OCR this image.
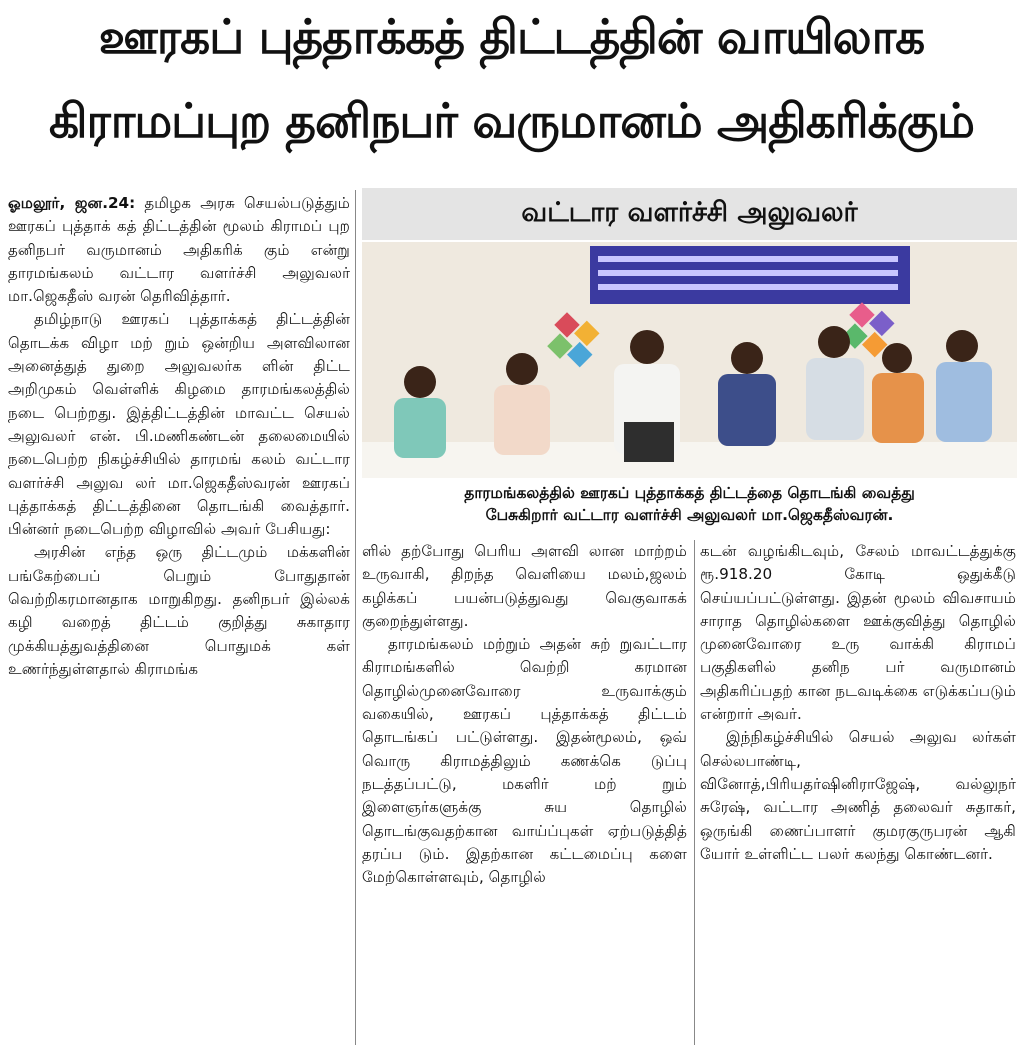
ஊரகப் புத்தாக்கத் திட்டத்தின் வாயிலாக
கிராமப்புற தனிநபர் வருமானம் அதிகரிக்கும்

ஓமலூர், ஜன.24: தமிழக அரசு செயல்படுத்தும் ஊரகப் புத்தாக் கத் திட்டத்தின் மூலம் கிராமப் புற தனிநபர் வருமானம் அதிகரிக் கும் என்று தாரமங்கலம் வட்டார வளர்ச்சி அலுவலர் மா.ஜெகதீஸ் வரன் தெரிவித்தார்.

தமிழ்நாடு ஊரகப் புத்தாக்கத் திட்டத்தின் தொடக்க விழா மற் றும் ஒன்றிய அளவிலான அனைத்துத் துறை அலுவலர்க ளின் திட்ட அறிமுகம் வெள்ளிக் கிழமை தாரமங்கலத்தில் நடை பெற்றது. இத்திட்டத்தின் மாவட்ட செயல் அலுவலர் என். பி.மணிகண்டன் தலைமையில் நடைபெற்ற நிகழ்ச்சியில் தாரமங் கலம் வட்டார வளர்ச்சி அலுவ லர் மா.ஜெகதீஸ்வரன் ஊரகப் புத்தாக்கத் திட்டத்தினை தொடங்கி வைத்தார். பின்னர் நடைபெற்ற விழாவில் அவர் பேசியது:

அரசின் எந்த ஒரு திட்டமும் மக்களின் பங்கேற்பைப் பெறும் போதுதான் வெற்றிகரமானதாக மாறுகிறது. தனிநபர் இல்லக் கழி வறைத் திட்டம் குறித்து சுகாதார முக்கியத்துவத்தினை பொதுமக் கள் உணர்ந்துள்ளதால் கிராமங்க

வட்டார வளர்ச்சி அலுவலர்
தாரமங்கலத்தில் ஊரகப் புத்தாக்கத் திட்டத்தை தொடங்கி வைத்து
பேசுகிறார் வட்டார வளர்ச்சி அலுவலர் மா.ஜெகதீஸ்வரன்.

ளில் தற்போது பெரிய அளவி லான மாற்றம் உருவாகி, திறந்த வெளியை மலம்,ஜலம் கழிக்கப் பயன்படுத்துவது வெகுவாகக் குறைந்துள்ளது.

தாரமங்கலம் மற்றும் அதன் சுற் றுவட்டார கிராமங்களில் வெற்றி கரமான தொழில்முனைவோரை உருவாக்கும் வகையில், ஊரகப் புத்தாக்கத் திட்டம் தொடங்கப் பட்டுள்ளது. இதன்மூலம், ஒவ் வொரு கிராமத்திலும் கணக்கெ டுப்பு நடத்தப்பட்டு, மகளிர் மற் றும் இளைஞர்களுக்கு சுய தொழில் தொடங்குவதற்கான வாய்ப்புகள் ஏற்படுத்தித் தரப்ப டும். இதற்கான கட்டமைப்பு களை மேற்கொள்ளவும், தொழில்

கடன் வழங்கிடவும், சேலம் மாவட்டத்துக்கு ரூ.918.20 கோடி ஒதுக்கீடு செய்யப்பட்டுள்ளது. இதன் மூலம் விவசாயம் சாராத தொழில்களை ஊக்குவித்து தொழில் முனைவோரை உரு வாக்கி கிராமப் பகுதிகளில் தனிந பர் வருமானம் அதிகரிப்பதற் கான நடவடிக்கை எடுக்கப்படும் என்றார் அவர்.

இந்நிகழ்ச்சியில் செயல் அலுவ லர்கள் செல்லபாண்டி, வினோத்,பிரியதர்ஷினிராஜேஷ், வல்லுநர் சுரேஷ், வட்டார அணித் தலைவர் சுதாகர், ஒருங்கி ணைப்பாளர் குமரகுருபரன் ஆகி யோர் உள்ளிட்ட பலர் கலந்து கொண்டனர்.
